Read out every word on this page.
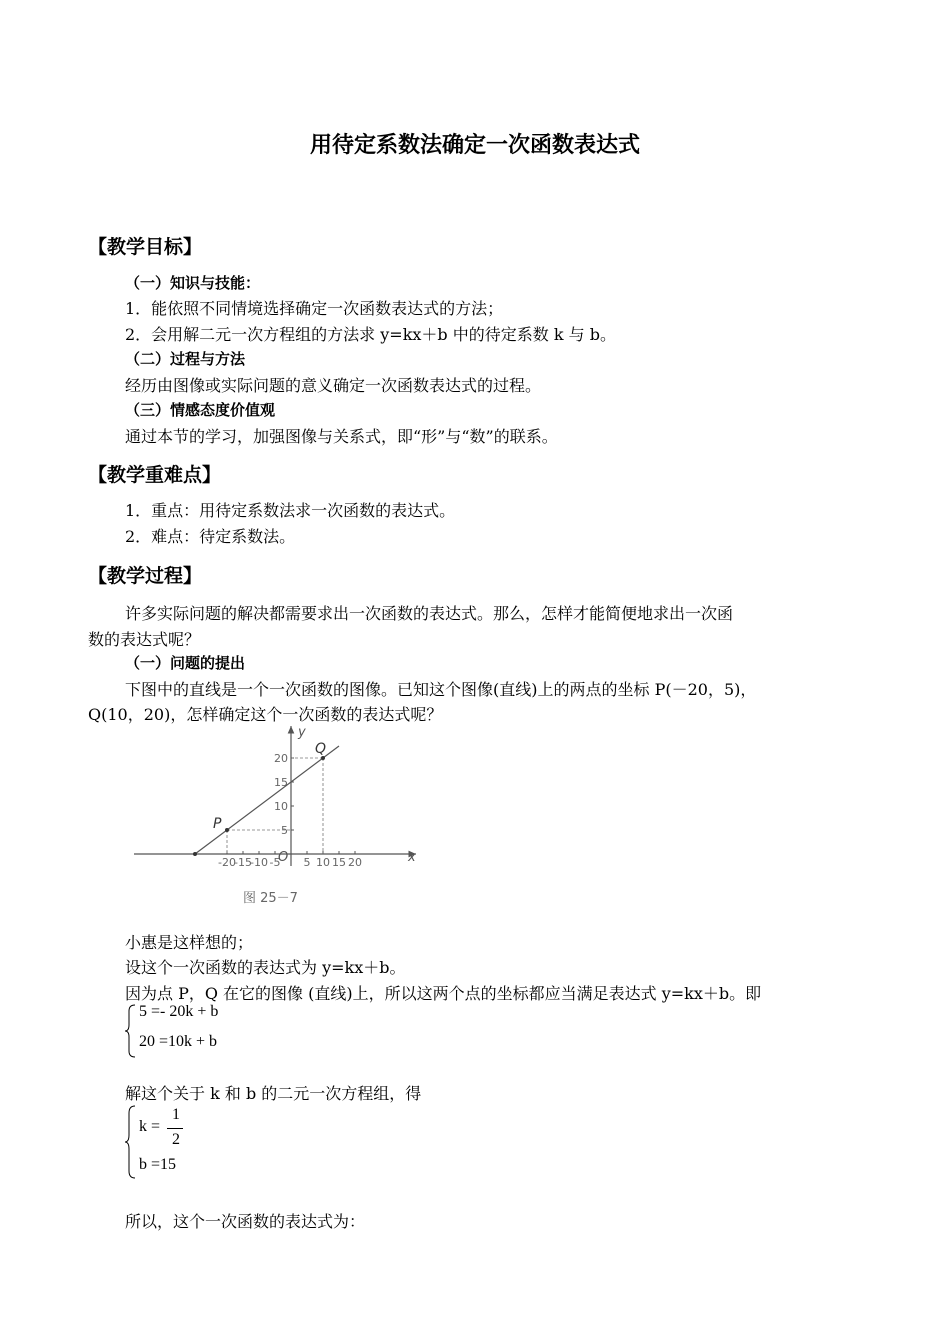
用待定系数法确定一次函数表达式
【教学目标】
（一）知识与技能：
1．能依照不同情境选择确定一次函数表达式的方法；
2．会用解二元一次方程组的方法求 y=kx＋b 中的待定系数 k 与 b。
（二）过程与方法
经历由图像或实际问题的意义确定一次函数表达式的过程。
（三）情感态度价值观
通过本节的学习，加强图像与关系式，即“形”与“数”的联系。
【教学重难点】
1．重点：用待定系数法求一次函数的表达式。
2．难点：待定系数法。
【教学过程】
许多实际问题的解决都需要求出一次函数的表达式。那么，怎样才能简便地求出一次函
数的表达式呢？
（一）问题的提出
下图中的直线是一个一次函数的图像。已知这个图像(直线)上的两点的坐标 P(－20，5)，
Q(10，20)，怎样确定这个一次函数的表达式呢？
-20
-15
-10 -5 5 10 15 20
5
10
15
20
P
Q
x
y
O
图 25－7
小惠是这样想的；
设这个一次函数的表达式为 y=kx＋b。
因为点 P，Q 在它的图像 (直线)上，所以这两个点的坐标都应当满足表达式 y=kx＋b。即
5 =- 20k + b
20 =10k + b
解这个关于 k 和 b 的二元一次方程组，得
k =
1
2
b =15
所以，这个一次函数的表达式为：
